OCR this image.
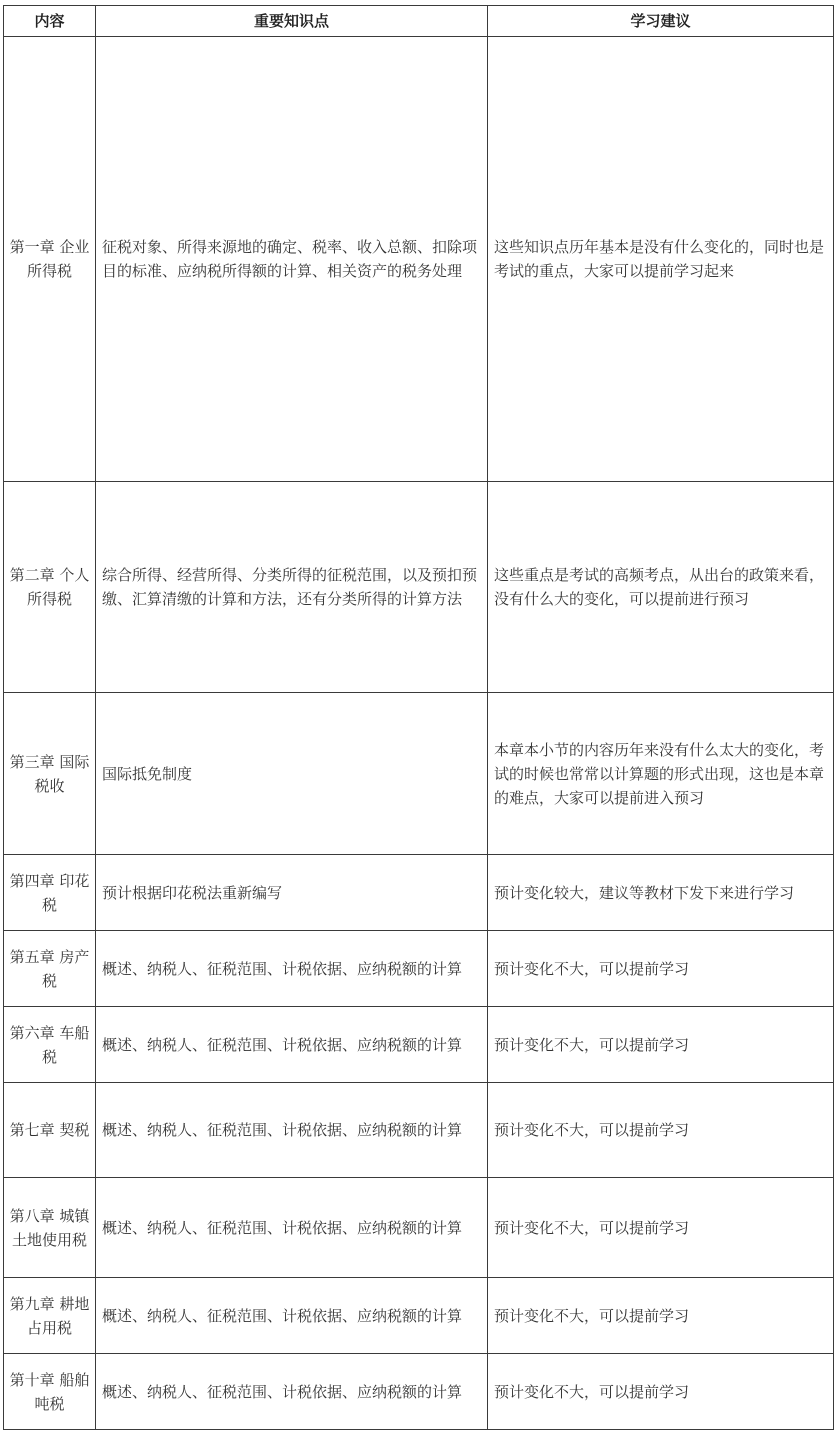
内容	重要知识点	学习建议
第一章 企业所得税	征税对象、所得来源地的确定、税率、收入总额、扣除项目的标准、应纳税所得额的计算、相关资产的税务处理	这些知识点历年基本是没有什么变化的，同时也是考试的重点，大家可以提前学习起来
第二章 个人所得税	综合所得、经营所得、分类所得的征税范围，以及预扣预缴、汇算清缴的计算和方法，还有分类所得的计算方法	这些重点是考试的高频考点，从出台的政策来看，没有什么大的变化，可以提前进行预习
第三章 国际税收	国际抵免制度	本章本小节的内容历年来没有什么太大的变化，考试的时候也常常以计算题的形式出现，这也是本章的难点，大家可以提前进入预习
第四章 印花税	预计根据印花税法重新编写	预计变化较大，建议等教材下发下来进行学习
第五章 房产税	概述、纳税人、征税范围、计税依据、应纳税额的计算	预计变化不大，可以提前学习
第六章 车船税	概述、纳税人、征税范围、计税依据、应纳税额的计算	预计变化不大，可以提前学习
第七章 契税	概述、纳税人、征税范围、计税依据、应纳税额的计算	预计变化不大，可以提前学习
第八章 城镇土地使用税	概述、纳税人、征税范围、计税依据、应纳税额的计算	预计变化不大，可以提前学习
第九章 耕地占用税	概述、纳税人、征税范围、计税依据、应纳税额的计算	预计变化不大，可以提前学习
第十章 船舶吨税	概述、纳税人、征税范围、计税依据、应纳税额的计算	预计变化不大，可以提前学习
